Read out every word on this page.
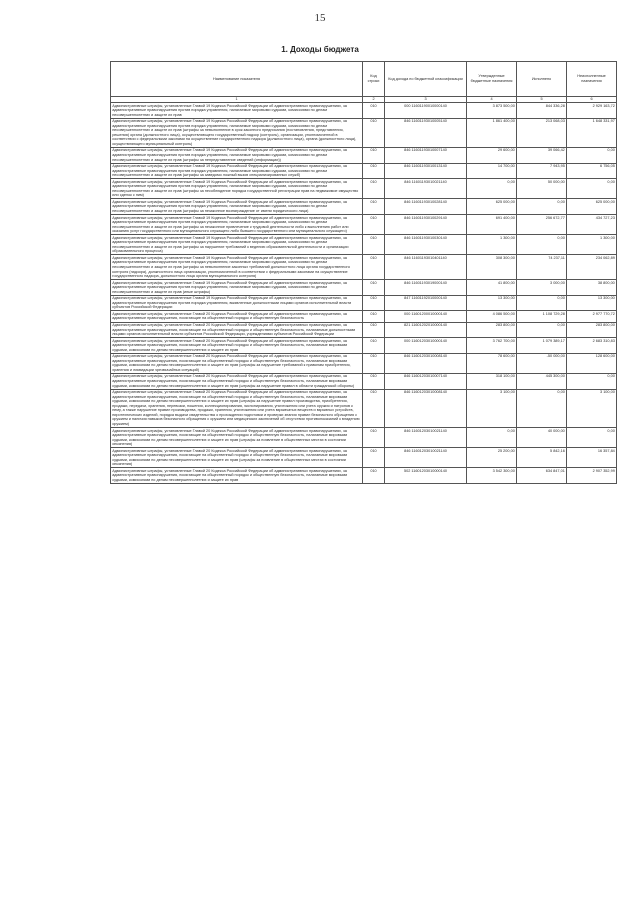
15
1. Доходы бюджета
Наименование показателя	Код строки	Код дохода по бюджетной классификации	Утвержденные бюджетные назначения	Исполнено	Неисполненные назначения
1	2	3	4	5	6
Административные штрафы, установленные Главой 19 Кодекса Российской Федерации об административных правонарушениях, за административные правонарушения против порядка управления, налагаемые мировыми судьями, комиссиями по делам несовершеннолетних и защите их прав	010	000 11601190010000140	3 873 500,00	844 336,28	2 929 163,72
Административные штрафы, установленные Главой 19 Кодекса Российской Федерации об административных правонарушениях, за административные правонарушения против порядка управления, налагаемые мировыми судьями, комиссиями по делам несовершеннолетних и защите их прав (штрафы за невыполнение в срок законного предписания (постановления, представления, решения) органа (должностного лица), осуществляющего государственный надзор (контроль), организации, уполномоченной в соответствии с федеральными законами на осуществление государственного надзора (должностного лица), органа (должностного лица), осуществляющего муниципальный контроль)	010	846 11601193010005140	1 861 400,00	213 068,03	1 648 331,97
Административные штрафы, установленные Главой 19 Кодекса Российской Федерации об административных правонарушениях, за административные правонарушения против порядка управления, налагаемые мировыми судьями, комиссиями по делам несовершеннолетних и защите их прав (штрафы за непредставление сведений (информации))	010	846 11601193010007140	29 600,00	39 066,42	0,00
Административные штрафы, установленные Главой 19 Кодекса Российской Федерации об административных правонарушениях, за административные правонарушения против порядка управления, налагаемые мировыми судьями, комиссиями по делам несовершеннолетних и защите их прав (штрафы за заведомо ложный вызов специализированных служб)	010	846 11601193010013140	14 700,00	7 943,95	6 756,05
Административные штрафы, установленные Главой 19 Кодекса Российской Федерации об административных правонарушениях, за административные правонарушения против порядка управления, налагаемые мировыми судьями, комиссиями по делам несовершеннолетних и защите их прав (штрафы за несоблюдение порядка государственной регистрации прав на недвижимое имущество или сделок с ним)	010	846 11601193010021140	0,00	50 000,00	0,00
Административные штрафы, установленные Главой 19 Кодекса Российской Федерации об административных правонарушениях, за административные правонарушения против порядка управления, налагаемые мировыми судьями, комиссиями по делам несовершеннолетних и защите их прав (штрафы за незаконное вознаграждение от имени юридического лица)	010	846 11601193010028140	625 000,00	0,00	625 000,00
Административные штрафы, установленные Главой 19 Кодекса Российской Федерации об административных правонарушениях, за административные правонарушения против порядка управления, налагаемые мировыми судьями, комиссиями по делам несовершеннолетних и защите их прав (штрафы за незаконное привлечение к трудовой деятельности либо к выполнению работ или оказанию услуг государственного или муниципального служащего либо бывшего государственного или муниципального служащего)	010	846 11601193010029140	691 400,00	256 672,77	434 727,23
Административные штрафы, установленные Главой 19 Кодекса Российской Федерации об административных правонарушениях, за административные правонарушения против порядка управления, налагаемые мировыми судьями, комиссиями по делам несовершеннолетних и защите их прав (штрафы за нарушение требований к ведению образовательной деятельности и организации образовательного процесса)	010	846 11601193010030140	1 300,00	0,00	1 300,00
Административные штрафы, установленные Главой 19 Кодекса Российской Федерации об административных правонарушениях, за административные правонарушения против порядка управления, налагаемые мировыми судьями, комиссиями по делам несовершеннолетних и защите их прав (штрафы за невыполнение законных требований должностного лица органа государственного контроля (надзора), должностного лица организации, уполномоченной в соответствии с федеральными законами на осуществление государственного надзора, должностного лица органа муниципального контроля)	010	846 11601193010401140	308 300,00	74 237,11	234 062,89
Административные штрафы, установленные Главой 19 Кодекса Российской Федерации об административных правонарушениях, за административные правонарушения против порядка управления, налагаемые мировыми судьями, комиссиями по делам несовершеннолетних и защите их прав (иные штрафы)	010	846 11601193019000140	41 800,00	3 000,00	38 800,00
Административные штрафы, установленные Главой 19 Кодекса Российской Федерации об административных правонарушениях, за административные правонарушения против порядка управления, выявленные должностными лицами органов исполнительной власти субъектов Российской Федерации	010	847 11601192010000140	13 300,00	0,00	13 300,00
Административные штрафы, установленные Главой 20 Кодекса Российской Федерации об административных правонарушениях, за административные правонарушения, посягающие на общественный порядок и общественную безопасность	010	000 11601200010000140	4 086 500,00	1 108 729,28	2 977 770,72
Административные штрафы, установленные Главой 20 Кодекса Российской Федерации об административных правонарушениях, за административные правонарушения, посягающие на общественный порядок и общественную безопасность, налагаемые должностными лицами органов исполнительной власти субъектов Российской Федерации, учреждениями субъектов Российской Федерации	010	821 11601202010000140	283 800,00	0,00	283 800,00
Административные штрафы, установленные Главой 20 Кодекса Российской Федерации об административных правонарушениях, за административные правонарушения, посягающие на общественный порядок и общественную безопасность, налагаемые мировыми судьями, комиссиями по делам несовершеннолетних и защите их прав	010	000 11601203010000140	3 762 700,00	1 079 389,17	2 683 310,83
Административные штрафы, установленные Главой 20 Кодекса Российской Федерации об административных правонарушениях, за административные правонарушения, посягающие на общественный порядок и общественную безопасность, налагаемые мировыми судьями, комиссиями по делам несовершеннолетних и защите их прав (штрафы за нарушение требований к правилам приобретения, хранения и ликвидации чрезвычайных ситуаций)	010	846 11601203010008140	78 600,00	-50 000,00	128 600,00
Административные штрафы, установленные Главой 20 Кодекса Российской Федерации об административных правонарушениях, за административные правонарушения, посягающие на общественный порядок и общественную безопасность, налагаемые мировыми судьями, комиссиями по делам несовершеннолетних и защите их прав (штрафы за нарушение правил в области гражданской обороны)	010	846 11601203010007140	318 100,00	445 300,00	0,00
Административные штрафы, установленные Главой 20 Кодекса Российской Федерации об административных правонарушениях, за административные правонарушения, посягающие на общественный порядок и общественную безопасность, налагаемые мировыми судьями, комиссиями по делам несовершеннолетних и защите их прав (штрафы за нарушение правил производства, приобретения, продажи, передачи, хранения, перевозки, ношения, коллекционирования, экспонирования, уничтожения или учета оружия и патронов к нему, а также нарушение правил производства, продажи, хранения, уничтожения или учета взрывчатых веществ и взрывных устройств, пиротехнических изделий, порядка выдачи свидетельства о прохождении подготовки и проверки знания правил безопасного обращения с оружием и наличия навыков безопасного обращения с оружием или медицинских заключений об отсутствии противопоказаний к владению оружием)	010	846 11601203010008140	3 100,00	0,00	3 100,00
Административные штрафы, установленные Главой 20 Кодекса Российской Федерации об административных правонарушениях, за административные правонарушения, посягающие на общественный порядок и общественную безопасность, налагаемые мировыми судьями, комиссиями по делам несовершеннолетних и защите их прав (штрафы за появление в общественных местах в состоянии опьянения)	010	846 11601203010021140	0,00	40 000,00	0,00
Административные штрафы, установленные Главой 20 Кодекса Российской Федерации об административных правонарушениях, за административные правонарушения, посягающие на общественный порядок и общественную безопасность, налагаемые мировыми судьями, комиссиями по делам несовершеннолетних и защите их прав (штрафы за появление в общественных местах в состоянии опьянения)	010	846 11601203010021140	25 200,00	5 842,16	16 357,84
Административные штрафы, установленные Главой 20 Кодекса Российской Федерации об административных правонарушениях, за административные правонарушения, посягающие на общественный порядок и общественную безопасность, налагаемые мировыми судьями, комиссиями по делам несовершеннолетних и защите их прав	010	502 11601203010000140	3 542 300,00	634 847,01	2 907 352,99
